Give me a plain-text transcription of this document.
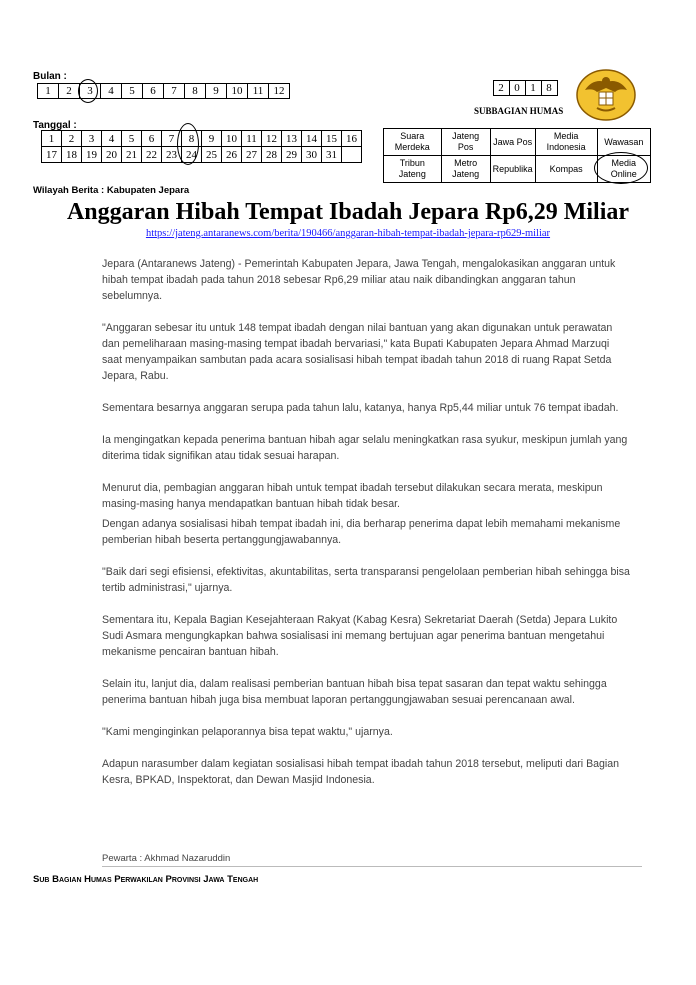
Bulan :
1	2	3	4	5	6	7	8	9	10	11	12
Tanggal :
1	2	3	4	5	6	7	8	9	10	11	12	13	14	15	16
17	18	19	20	21	22	23	24	25	26	27	28	29	30	31	
2	0	1	8
SUBBAGIAN HUMAS
Suara Merdeka	Jateng Pos	Jawa Pos	Media Indonesia	Wawasan
Tribun Jateng	Metro Jateng	Republika	Kompas	Media Online
Wilayah Berita : Kabupaten Jepara
Anggaran Hibah Tempat Ibadah Jepara Rp6,29 Miliar
https://jateng.antaranews.com/berita/190466/anggaran-hibah-tempat-ibadah-jepara-rp629-miliar

Jepara (Antaranews Jateng) - Pemerintah Kabupaten Jepara, Jawa Tengah, mengalokasikan anggaran untuk hibah tempat ibadah pada tahun 2018 sebesar Rp6,29 miliar atau naik dibandingkan anggaran tahun sebelumnya.

"Anggaran sebesar itu untuk 148 tempat ibadah dengan nilai bantuan yang akan digunakan untuk perawatan dan pemeliharaan masing-masing tempat ibadah bervariasi," kata Bupati Kabupaten Jepara Ahmad Marzuqi saat menyampaikan sambutan pada acara sosialisasi hibah tempat ibadah tahun 2018 di ruang Rapat Setda Jepara, Rabu.

Sementara besarnya anggaran serupa pada tahun lalu, katanya, hanya Rp5,44 miliar untuk 76 tempat ibadah.

Ia mengingatkan kepada penerima bantuan hibah agar selalu meningkatkan rasa syukur, meskipun jumlah yang diterima tidak signifikan atau tidak sesuai harapan.

Menurut dia, pembagian anggaran hibah untuk tempat ibadah tersebut dilakukan secara merata, meskipun masing-masing hanya mendapatkan bantuan hibah tidak besar.

Dengan adanya sosialisasi hibah tempat ibadah ini, dia berharap penerima dapat lebih memahami mekanisme pemberian hibah beserta pertanggungjawabannya.

"Baik dari segi efisiensi, efektivitas, akuntabilitas, serta transparansi pengelolaan pemberian hibah sehingga bisa tertib administrasi," ujarnya.

Sementara itu, Kepala Bagian Kesejahteraan Rakyat (Kabag Kesra) Sekretariat Daerah (Setda) Jepara Lukito Sudi Asmara mengungkapkan bahwa sosialisasi ini memang bertujuan agar penerima bantuan mengetahui mekanisme pencairan bantuan hibah.

Selain itu, lanjut dia, dalam realisasi pemberian bantuan hibah bisa tepat sasaran dan tepat waktu sehingga penerima bantuan hibah juga bisa membuat laporan pertanggungjawaban sesuai perencanaan awal.

"Kami menginginkan pelaporannya bisa tepat waktu," ujarnya.

Adapun narasumber dalam kegiatan sosialisasi hibah tempat ibadah tahun 2018 tersebut, meliputi dari Bagian Kesra, BPKAD, Inspektorat, dan Dewan Masjid Indonesia.

Pewarta : Akhmad Nazaruddin
Sub Bagian Humas Perwakilan Provinsi Jawa Tengah
